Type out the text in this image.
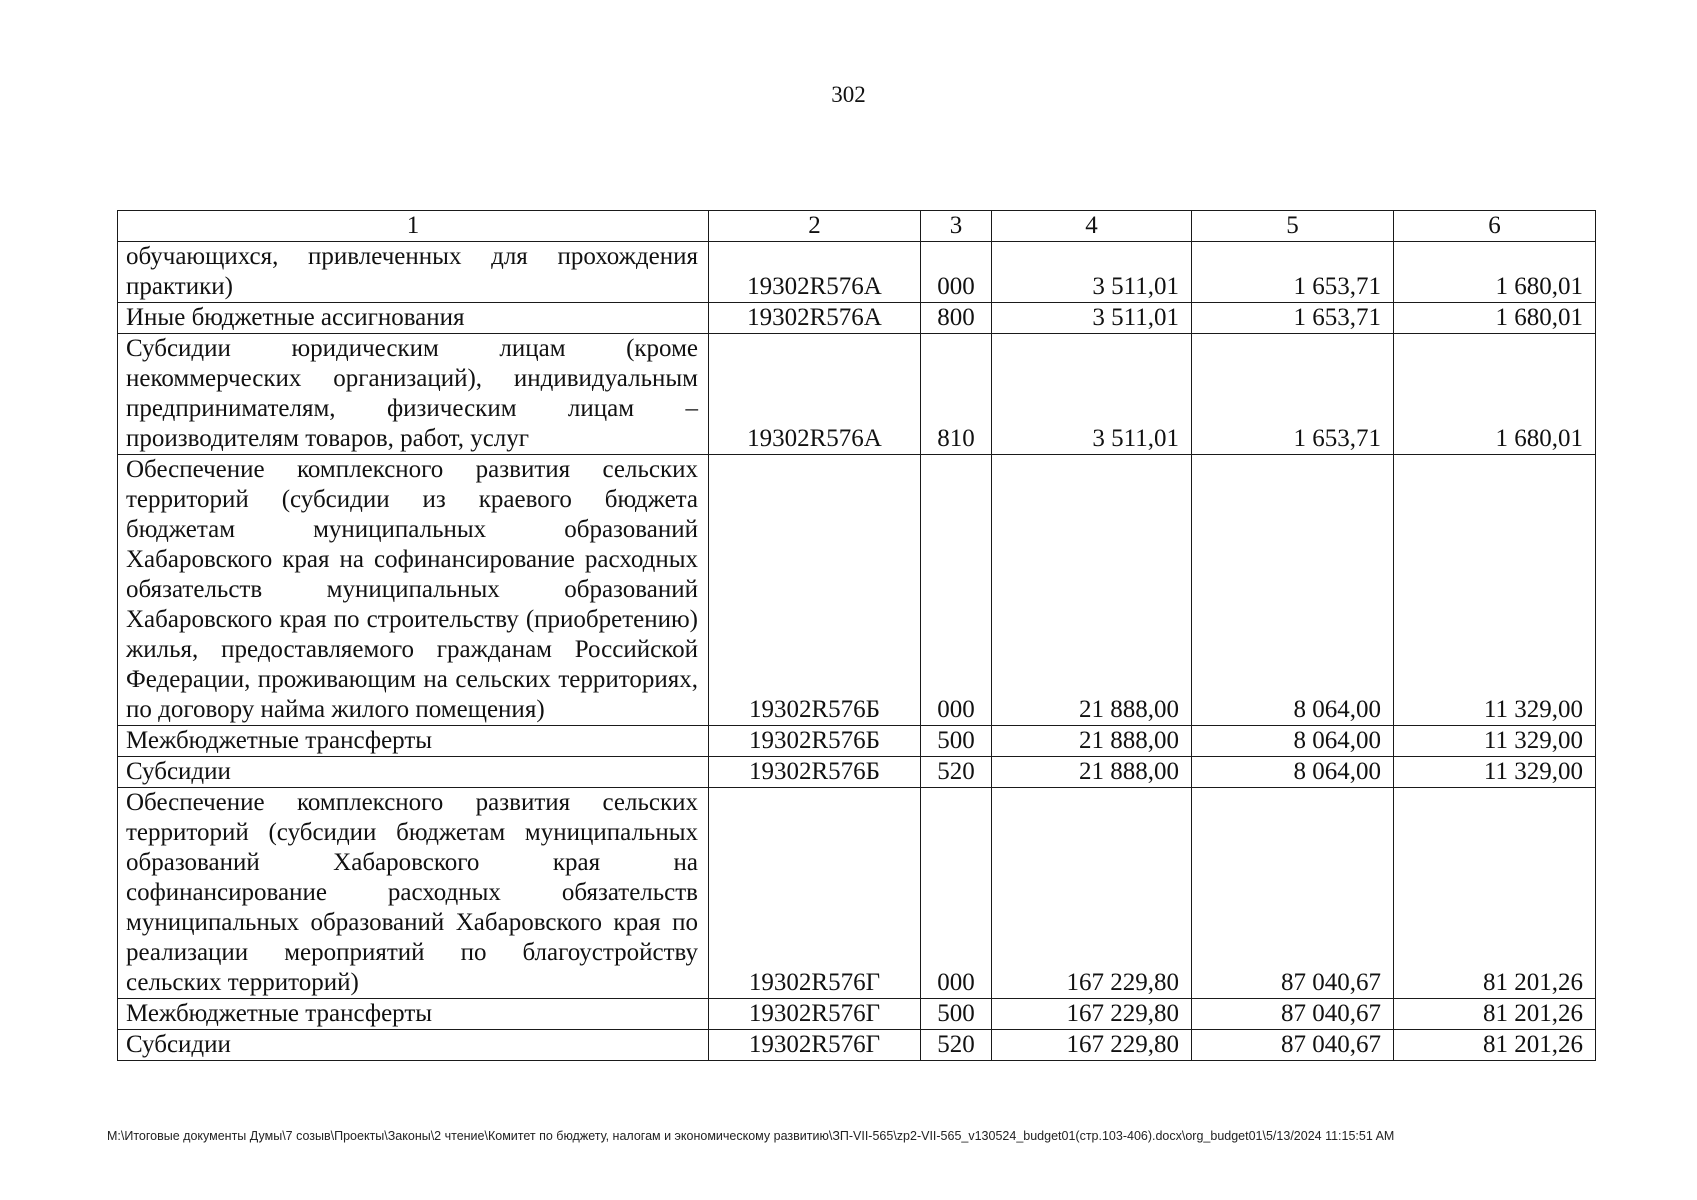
302
1	2	3	4	5	6
обучающихся, привлеченных для прохождения практики)	19302R576А	000	3 511,01	1 653,71	1 680,01
Иные бюджетные ассигнования	19302R576А	800	3 511,01	1 653,71	1 680,01
Субсидии юридическим лицам (кроме некоммерческих организаций), индивидуальным предпринимателям, физическим лицам – производителям товаров, работ, услуг	19302R576А	810	3 511,01	1 653,71	1 680,01
Обеспечение комплексного развития сельских территорий (субсидии из краевого бюджета бюджетам муниципальных образований Хабаровского края на софинансирование расходных обязательств муниципальных образований Хабаровского края по строительству (приобретению) жилья, предоставляемого гражданам Российской Федерации, проживающим на сельских территориях, по договору найма жилого помещения)	19302R576Б	000	21 888,00	8 064,00	11 329,00
Межбюджетные трансферты	19302R576Б	500	21 888,00	8 064,00	11 329,00
Субсидии	19302R576Б	520	21 888,00	8 064,00	11 329,00
Обеспечение комплексного развития сельских территорий (субсидии бюджетам муниципальных образований Хабаровского края на софинансирование расходных обязательств муниципальных образований Хабаровского края по реализации мероприятий по благоустройству сельских территорий)	19302R576Г	000	167 229,80	87 040,67	81 201,26
Межбюджетные трансферты	19302R576Г	500	167 229,80	87 040,67	81 201,26
Субсидии	19302R576Г	520	167 229,80	87 040,67	81 201,26
M:\Итоговые документы Думы\7 созыв\Проекты\Законы\2 чтение\Комитет по бюджету, налогам и экономическому развитию\ЗП-VII-565\zp2-VII-565_v130524_budget01(стр.103-406).docx\org_budget01\5/13/2024 11:15:51 AM
